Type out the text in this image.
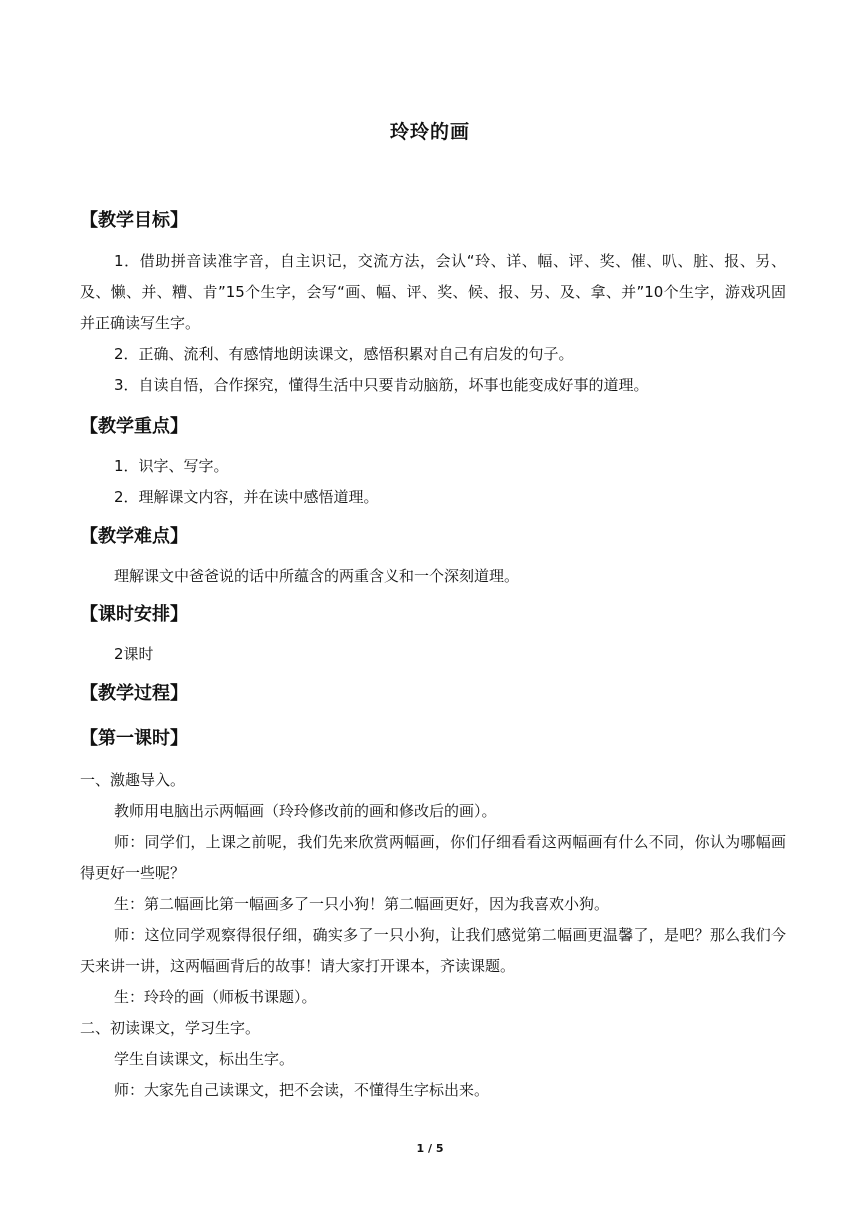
玲玲的画
【教学目标】
1．借助拼音读准字音，自主识记，交流方法，会认“玲、详、幅、评、奖、催、叭、脏、报、另、及、懒、并、糟、肯”15个生字，会写“画、幅、评、奖、候、报、另、及、拿、并”10个生字，游戏巩固并正确读写生字。
2．正确、流利、有感情地朗读课文，感悟积累对自己有启发的句子。
3．自读自悟，合作探究，懂得生活中只要肯动脑筋，坏事也能变成好事的道理。
【教学重点】
1．识字、写字。
2．理解课文内容，并在读中感悟道理。
【教学难点】
理解课文中爸爸说的话中所蕴含的两重含义和一个深刻道理。
【课时安排】
2课时
【教学过程】
【第一课时】
一、激趣导入。
教师用电脑出示两幅画（玲玲修改前的画和修改后的画）。
师：同学们，上课之前呢，我们先来欣赏两幅画，你们仔细看看这两幅画有什么不同，你认为哪幅画得更好一些呢？
生：第二幅画比第一幅画多了一只小狗！第二幅画更好，因为我喜欢小狗。
师：这位同学观察得很仔细，确实多了一只小狗，让我们感觉第二幅画更温馨了，是吧？那么我们今天来讲一讲，这两幅画背后的故事！请大家打开课本，齐读课题。
生：玲玲的画（师板书课题）。
二、初读课文，学习生字。
学生自读课文，标出生字。
师：大家先自己读课文，把不会读，不懂得生字标出来。
1 / 5
